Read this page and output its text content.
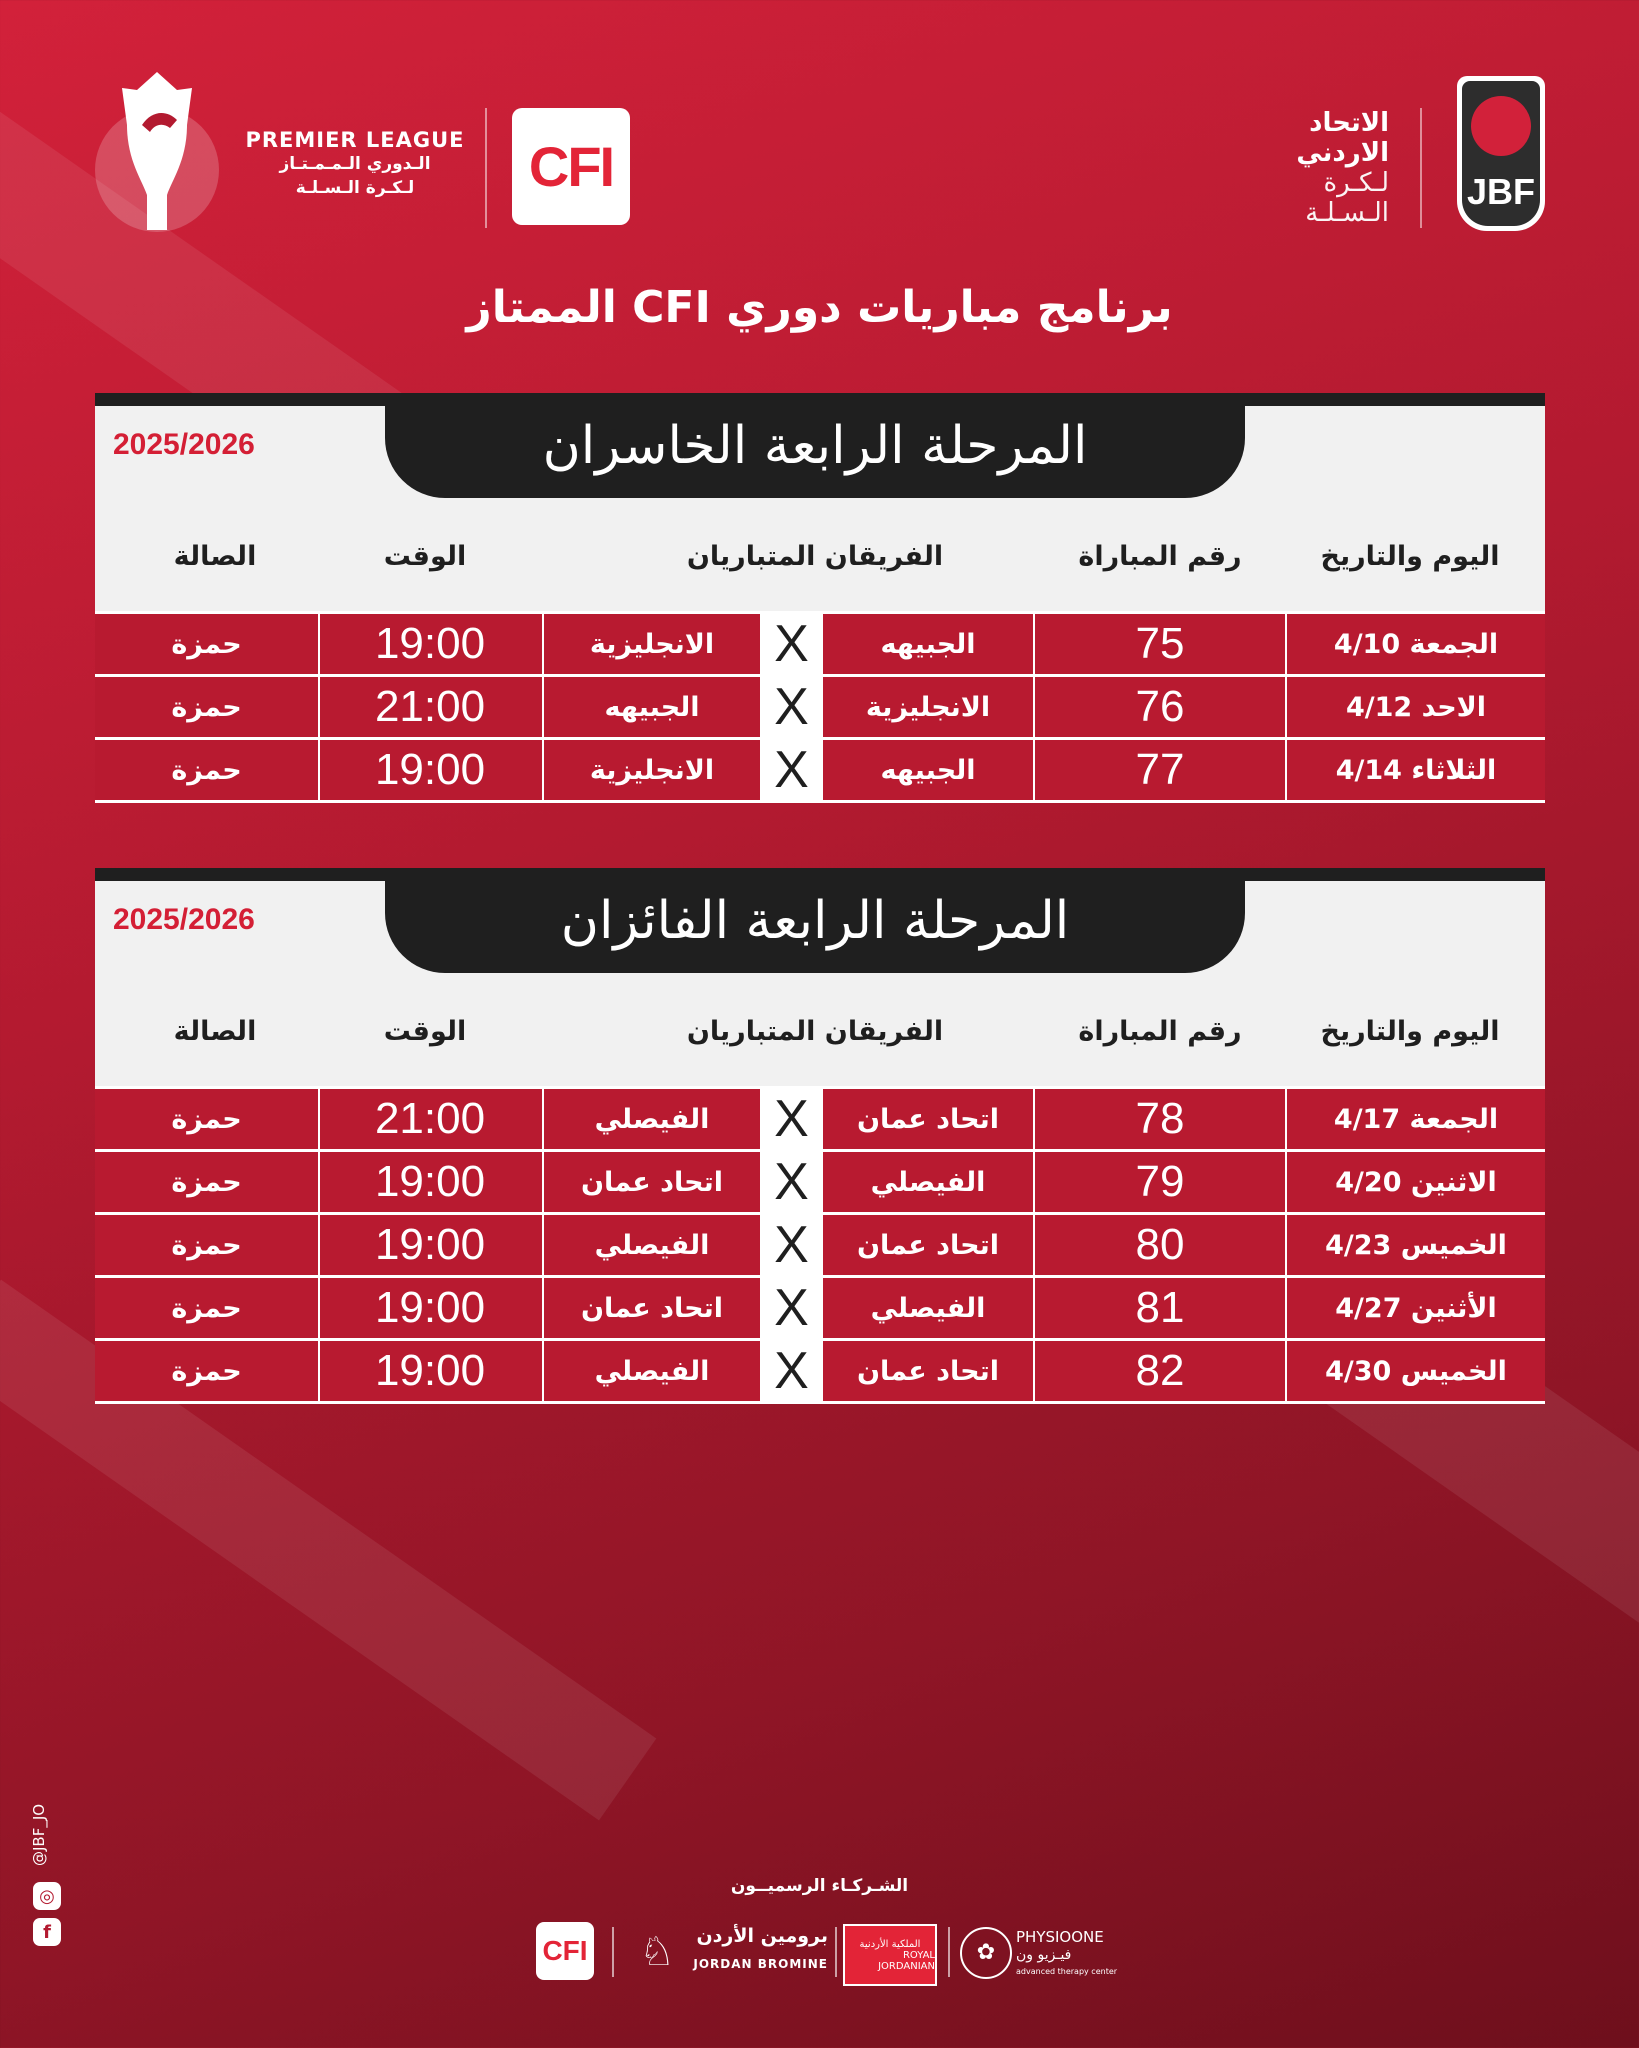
PREMIER LEAGUE
الـدوري الـمـمـتـاز
لـكـرة الـسـلـة	CFI
الاتحاد الاردني
لـكـرة
الـسـلـة
JBF
برنامج مباريات دوري CFI الممتاز
المرحلة الرابعة الخاسران
2025/2026
اليوم والتاريخ
رقم المباراة
الفريقان المتباريان
الوقت
الصالة
حمزة	19:00	الانجليزية	X	الجبيهه	75	الجمعة 4/10
حمزة	21:00	الجبيهه	X	الانجليزية	76	الاحد 4/12
حمزة	19:00	الانجليزية	X	الجبيهه	77	الثلاثاء 4/14
المرحلة الرابعة الفائزان
2025/2026
اليوم والتاريخ
رقم المباراة
الفريقان المتباريان
الوقت
الصالة
حمزة	21:00	الفيصلي	X	اتحاد عمان	78	الجمعة 4/17
حمزة	19:00	اتحاد عمان X	الفيصلي	79	الاثنين 4/20
حمزة	19:00	الفيصلي	X	اتحاد عمان	80	الخميس 4/23
حمزة	19:00	اتحاد عمان X	الفيصلي	81	الأثنين 4/27
حمزة	19:00	الفيصلي	X	اتحاد عمان	82	الخميس 4/30
@JBF_JO
◎
f
الشـركـاء الرسميــون
CFI ♘	برومين الأردن
JORDAN BROMINE
الملكية الأردنية
ROYAL JORDANIAN
✿
PHYSIOONE
فيـزيو ون
advanced therapy center
